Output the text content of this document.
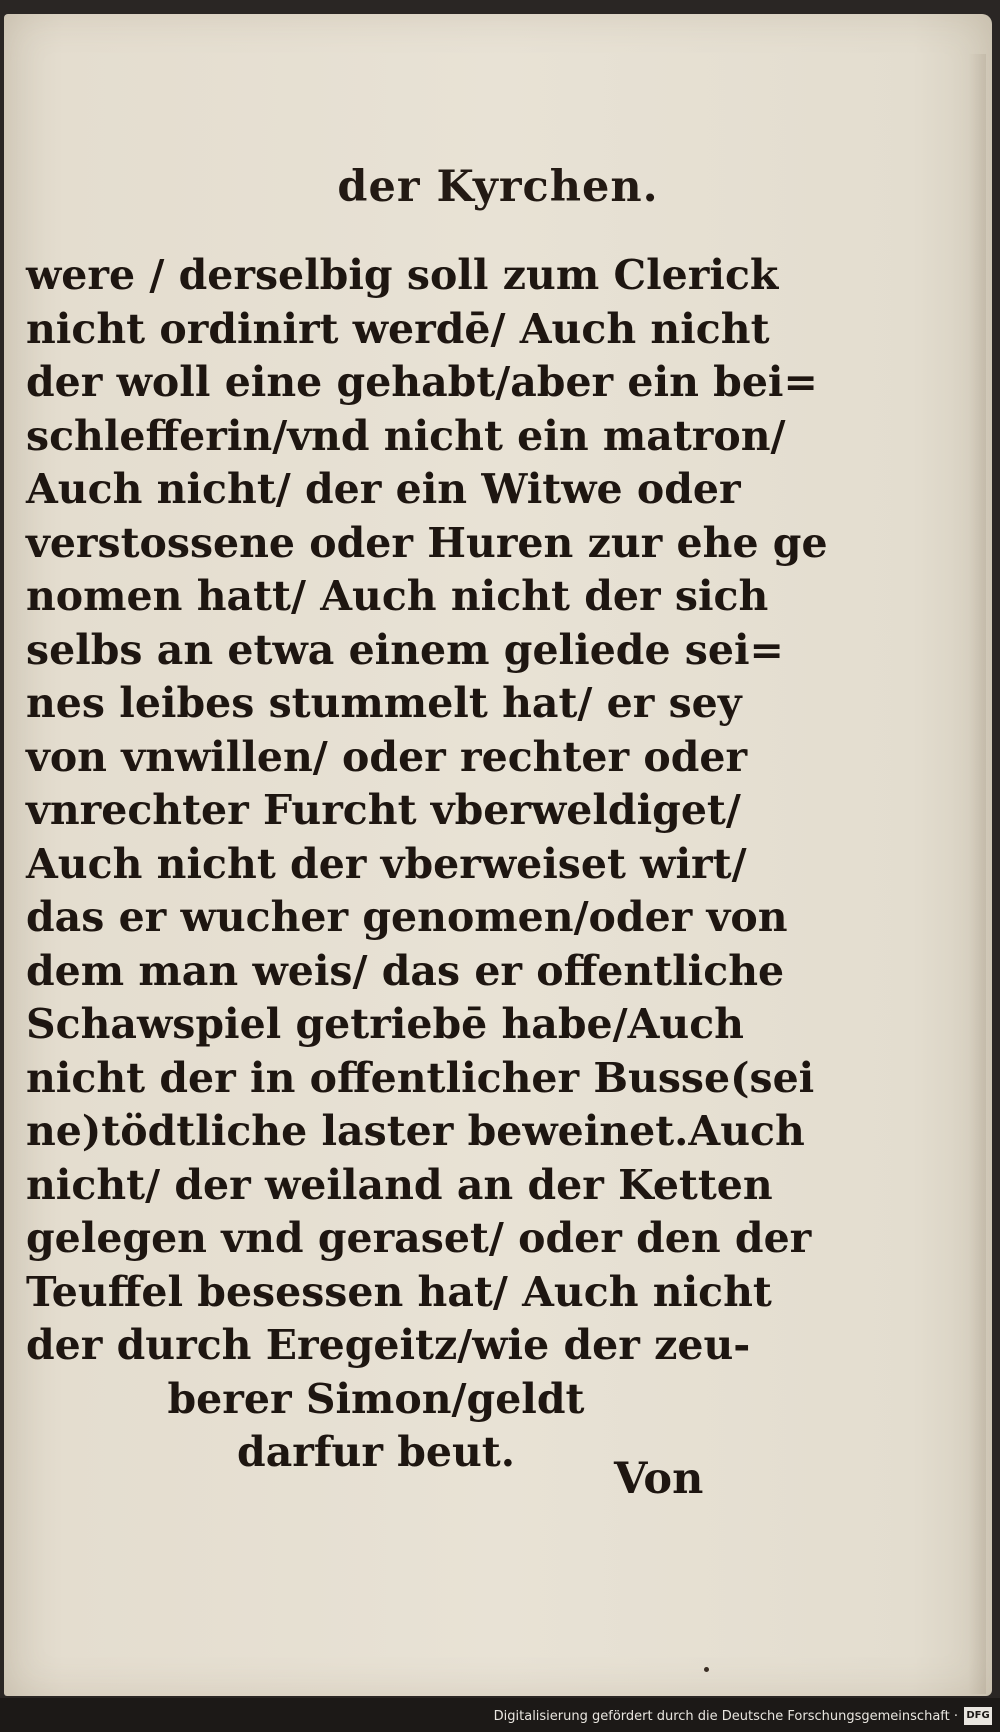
der Kyrchen.
were / derselbig soll zum Clerick
nicht ordinirt werdē/ Auch nicht
der woll eine gehabt/aber ein bei=
schlefferin/vnd nicht ein matron/
Auch nicht/ der ein Witwe oder
verstossene oder Huren zur ehe ge
nomen hatt/ Auch nicht der sich
selbs an etwa einem geliede sei=
nes leibes stummelt hat/ er sey
von vnwillen/ oder rechter oder
vnrechter Furcht vberweldiget/
Auch nicht der vberweiset wirt/
das er wucher genomen/oder von
dem man weis/ das er offentliche
Schawspiel getriebē habe/Auch
nicht der in offentlicher Busse(sei
ne)tödtliche laster beweinet.Auch
nicht/ der weiland an der Ketten
gelegen vnd geraset/ oder den der
Teuffel besessen hat/ Auch nicht
der durch Eregeitz/wie der zeu-
berer Simon/geldt
darfur beut.
Von
Digitalisierung gefördert durch die Deutsche Forschungsgemeinschaft · DFG
